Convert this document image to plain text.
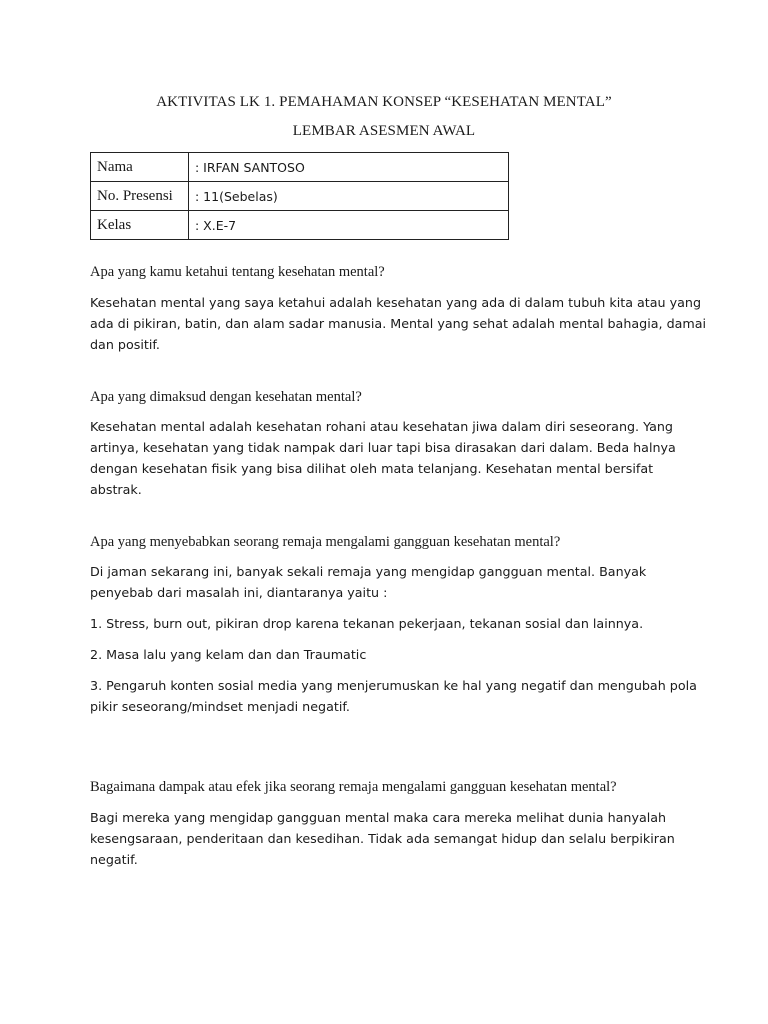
AKTIVITAS LK 1. PEMAHAMAN KONSEP “KESEHATAN MENTAL”
LEMBAR ASESMEN AWAL
Nama	: IRFAN SANTOSO
No. Presensi	: 11(Sebelas)
Kelas	: X.E-7
Apa yang kamu ketahui tentang kesehatan mental?
Kesehatan mental yang saya ketahui adalah kesehatan yang ada di dalam tubuh kita atau yang
ada di pikiran, batin, dan alam sadar manusia. Mental yang sehat adalah mental bahagia, damai
dan positif.
Apa yang dimaksud dengan kesehatan mental?
Kesehatan mental adalah kesehatan rohani atau kesehatan jiwa dalam diri seseorang. Yang
artinya, kesehatan yang tidak nampak dari luar tapi bisa dirasakan dari dalam. Beda halnya
dengan kesehatan fisik yang bisa dilihat oleh mata telanjang. Kesehatan mental bersifat
abstrak.
Apa yang menyebabkan seorang remaja mengalami gangguan kesehatan mental?
Di jaman sekarang ini, banyak sekali remaja yang mengidap gangguan mental. Banyak
penyebab dari masalah ini, diantaranya yaitu :
1. Stress, burn out, pikiran drop karena tekanan pekerjaan, tekanan sosial dan lainnya.
2. Masa lalu yang kelam dan dan Traumatic
3. Pengaruh konten sosial media yang menjerumuskan ke hal yang negatif dan mengubah pola
pikir seseorang/mindset menjadi negatif.
Bagaimana dampak atau efek jika seorang remaja mengalami gangguan kesehatan mental?
Bagi mereka yang mengidap gangguan mental maka cara mereka melihat dunia hanyalah
kesengsaraan, penderitaan dan kesedihan. Tidak ada semangat hidup dan selalu berpikiran
negatif.
